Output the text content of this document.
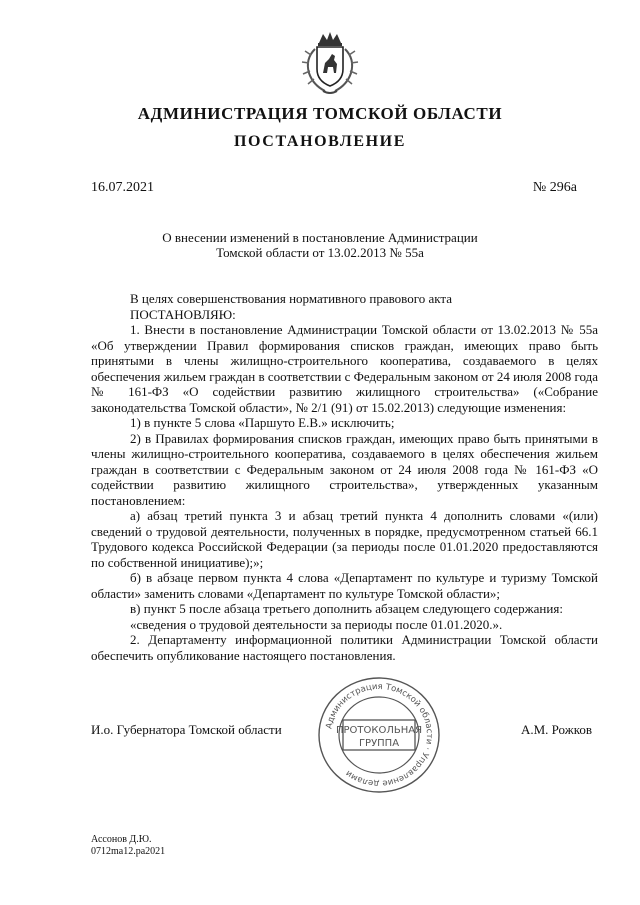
АДМИНИСТРАЦИЯ ТОМСКОЙ ОБЛАСТИ
ПОСТАНОВЛЕНИЕ
16.07.2021	№ 296а
О внесении изменений в постановление Администрации
Томской области от 13.02.2013 № 55а

В целях совершенствования нормативного правового акта

ПОСТАНОВЛЯЮ:

1. Внести в постановление Администрации Томской области от 13.02.2013 № 55а «Об утверждении Правил формирования списков граждан, имеющих право быть принятыми в члены жилищно-строительного кооператива, создаваемого в целях обеспечения жильем граждан в соответствии с Федеральным законом от 24 июля 2008 года № 161-ФЗ «О содействии развитию жилищного строительства» («Собрание законодательства Томской области», № 2/1 (91) от 15.02.2013) следующие изменения:

1) в пункте 5 слова «Паршуто Е.В.» исключить;

2) в Правилах формирования списков граждан, имеющих право быть принятыми в члены жилищно-строительного кооператива, создаваемого в целях обеспечения жильем граждан в соответствии с Федеральным законом от 24 июля 2008 года № 161-ФЗ «О содействии развитию жилищного строительства», утвержденных указанным постановлением:

а) абзац третий пункта 3 и абзац третий пункта 4 дополнить словами «(или) сведений о трудовой деятельности, полученных в порядке, предусмотренном статьей 66.1 Трудового кодекса Российской Федерации (за периоды после 01.01.2020 предоставляются по собственной инициативе);»;

б) в абзаце первом пункта 4 слова «Департамент по культуре и туризму Томской области» заменить словами «Департамент по культуре Томской области»;

в) пункт 5 после абзаца третьего дополнить абзацем следующего содержания:

«сведения о трудовой деятельности за периоды после 01.01.2020.».

2. Департаменту информационной политики Администрации Томской области обеспечить опубликование настоящего постановления.

И.о. Губернатора Томской области	А.М. Рожков
Администрация Томской области · Управление делами
ПРОТОКОЛЬНАЯ
ГРУППА
Ассонов Д.Ю.
0712ma12.pa2021
